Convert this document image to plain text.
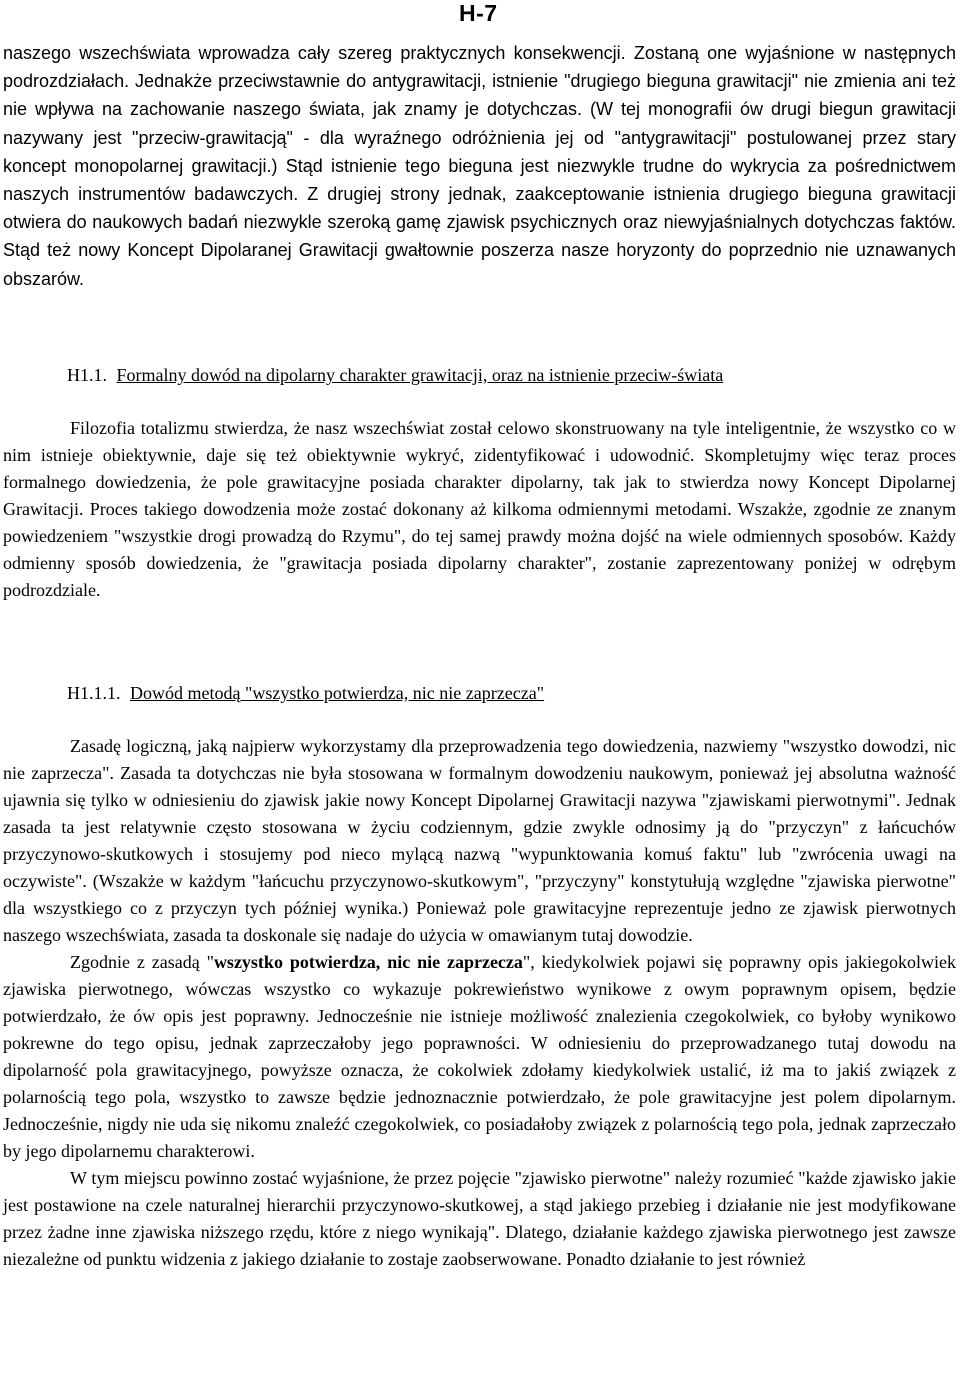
H-7
naszego wszechświata wprowadza cały szereg praktycznych konsekwencji. Zostaną one wyjaśnione w następnych podrozdziałach. Jednakże przeciwstawnie do antygrawitacji, istnienie "drugiego bieguna grawitacji" nie zmienia ani też nie wpływa na zachowanie naszego świata, jak znamy je dotychczas. (W tej monografii ów drugi biegun grawitacji nazywany jest "przeciw-grawitacją" - dla wyraźnego odróżnienia jej od "antygrawitacji" postulowanej przez stary koncept monopolarnej grawitacji.) Stąd istnienie tego bieguna jest niezwykle trudne do wykrycia za pośrednictwem naszych instrumentów badawczych. Z drugiej strony jednak, zaakceptowanie istnienia drugiego bieguna grawitacji otwiera do naukowych badań niezwykle szeroką gamę zjawisk psychicznych oraz niewyjaśnialnych dotychczas faktów. Stąd też nowy Koncept Dipolaranej Grawitacji gwałtownie poszerza nasze horyzonty do poprzednio nie uznawanych obszarów.
H1.1. Formalny dowód na dipolarny charakter grawitacji, oraz na istnienie przeciw-świata

Filozofia totalizmu stwierdza, że nasz wszechświat został celowo skonstruowany na tyle inteligentnie, że wszystko co w nim istnieje obiektywnie, daje się też obiektywnie wykryć, zidentyfikować i udowodnić. Skompletujmy więc teraz proces formalnego dowiedzenia, że pole grawitacyjne posiada charakter dipolarny, tak jak to stwierdza nowy Koncept Dipolarnej Grawitacji. Proces takiego dowodzenia może zostać dokonany aż kilkoma odmiennymi metodami. Wszakże, zgodnie ze znanym powiedzeniem "wszystkie drogi prowadzą do Rzymu", do tej samej prawdy można dojść na wiele odmiennych sposobów. Każdy odmienny sposób dowiedzenia, że "grawitacja posiada dipolarny charakter", zostanie zaprezentowany poniżej w odrębym podrozdziale.

H1.1.1. Dowód metodą "wszystko potwierdza, nic nie zaprzecza"

Zasadę logiczną, jaką najpierw wykorzystamy dla przeprowadzenia tego dowiedzenia, nazwiemy "wszystko dowodzi, nic nie zaprzecza". Zasada ta dotychczas nie była stosowana w formalnym dowodzeniu naukowym, ponieważ jej absolutna ważność ujawnia się tylko w odniesieniu do zjawisk jakie nowy Koncept Dipolarnej Grawitacji nazywa "zjawiskami pierwotnymi". Jednak zasada ta jest relatywnie często stosowana w życiu codziennym, gdzie zwykle odnosimy ją do "przyczyn" z łańcuchów przyczynowo-skutkowych i stosujemy pod nieco mylącą nazwą "wypunktowania komuś faktu" lub "zwrócenia uwagi na oczywiste". (Wszakże w każdym "łańcuchu przyczynowo-skutkowym", "przyczyny" konstytułują względne "zjawiska pierwotne" dla wszystkiego co z przyczyn tych później wynika.) Ponieważ pole grawitacyjne reprezentuje jedno ze zjawisk pierwotnych naszego wszechświata, zasada ta doskonale się nadaje do użycia w omawianym tutaj dowodzie.

Zgodnie z zasadą "wszystko potwierdza, nic nie zaprzecza", kiedykolwiek pojawi się poprawny opis jakiegokolwiek zjawiska pierwotnego, wówczas wszystko co wykazuje pokrewieństwo wynikowe z owym poprawnym opisem, będzie potwierdzało, że ów opis jest poprawny. Jednocześnie nie istnieje możliwość znalezienia czegokolwiek, co byłoby wynikowo pokrewne do tego opisu, jednak zaprzeczałoby jego poprawności. W odniesieniu do przeprowadzanego tutaj dowodu na dipolarność pola grawitacyjnego, powyższe oznacza, że cokolwiek zdołamy kiedykolwiek ustalić, iż ma to jakiś związek z polarnością tego pola, wszystko to zawsze będzie jednoznacznie potwierdzało, że pole grawitacyjne jest polem dipolarnym. Jednocześnie, nigdy nie uda się nikomu znaleźć czegokolwiek, co posiadałoby związek z polarnością tego pola, jednak zaprzeczało by jego dipolarnemu charakterowi.

W tym miejscu powinno zostać wyjaśnione, że przez pojęcie "zjawisko pierwotne" należy rozumieć "każde zjawisko jakie jest postawione na czele naturalnej hierarchii przyczynowo-skutkowej, a stąd jakiego przebieg i działanie nie jest modyfikowane przez żadne inne zjawiska niższego rzędu, które z niego wynikają". Dlatego, działanie każdego zjawiska pierwotnego jest zawsze niezależne od punktu widzenia z jakiego działanie to zostaje zaobserwowane. Ponadto działanie to jest również
